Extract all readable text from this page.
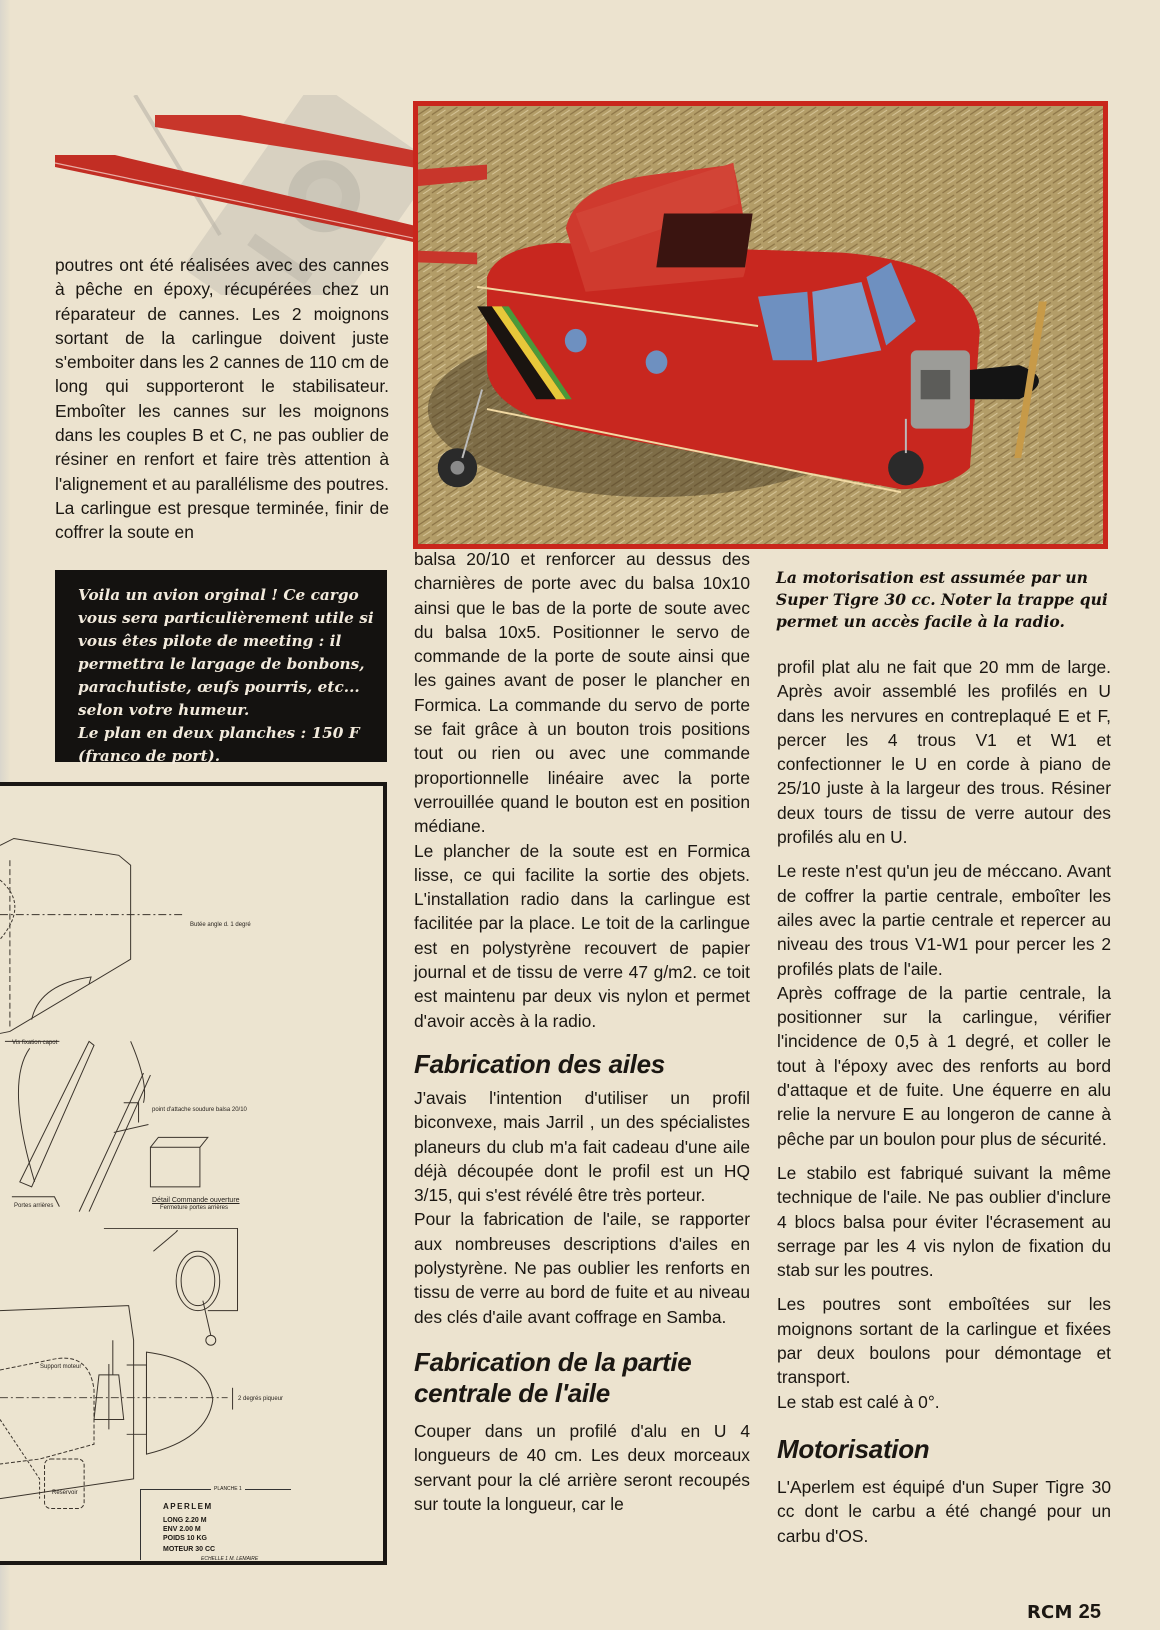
La motorisation est assumée par un Super Tigre 30 cc. Noter la trappe qui permet un accès facile à la radio.

poutres ont été réalisées avec des cannes à pêche en époxy, récupérées chez un réparateur de cannes. Les 2 moignons sortant de la carlingue doivent juste s'emboiter dans les 2 cannes de 110 cm de long qui supporteront le stabilisateur. Emboîter les cannes sur les moignons dans les couples B et C, ne pas oublier de résiner en renfort et faire très attention à l'alignement et au parallélisme des poutres. La carlingue est presque terminée, finir de coffrer la soute en

Voila un avion orginal ! Ce cargo vous sera particulièrement utile si vous êtes pilote de meeting : il permettra le largage de bonbons, parachutiste, œufs pourris, etc... selon votre humeur.

Le plan en deux planches : 150 F (franco de port).

Butée angle d. 1 degré
Vis fixation capot
point d'attache soudure balsa 20/10
Détail Commande ouverture
Fermeture portes arrières
Portes arrières
Support moteur
Réservoir
2 degrés piqueur
PLANCHE 1
APERLEM
LONG 2.20 M
ENV 2.00 M
POIDS 10 KG
MOTEUR 30 CC
ECHELLE 1 M. LEMAIRE

balsa 20/10 et renforcer au dessus des charnières de porte avec du balsa 10x10 ainsi que le bas de la porte de soute avec du balsa 10x5. Positionner le servo de commande de la porte de soute ainsi que les gaines avant de poser le plancher en Formica. La commande du servo de porte se fait grâce à un bouton trois positions tout ou rien ou avec une commande proportionnelle linéaire avec la porte verrouillée quand le bouton est en position médiane.

Le plancher de la soute est en Formica lisse, ce qui facilite la sortie des objets. L'installation radio dans la carlingue est facilitée par la place. Le toit de la carlingue est en polystyrène recouvert de papier journal et de tissu de verre 47 g/m2. ce toit est maintenu par deux vis nylon et permet d'avoir accès à la radio.

Fabrication des ailes

J'avais l'intention d'utiliser un profil biconvexe, mais Jarril , un des spécialistes planeurs du club m'a fait cadeau d'une aile déjà découpée dont le profil est un HQ 3/15, qui s'est révélé être très porteur.

Pour la fabrication de l'aile, se rapporter aux nombreuses descriptions d'ailes en polystyrène. Ne pas oublier les renforts en tissu de verre au bord de fuite et au niveau des clés d'aile avant coffrage en Samba.

Fabrication de la partie centrale de l'aile

Couper dans un profilé d'alu en U 4 longueurs de 40 cm. Les deux morceaux servant pour la clé arrière seront recoupés sur toute la longueur, car le

profil plat alu ne fait que 20 mm de large. Après avoir assemblé les profilés en U dans les nervures en contreplaqué E et F, percer les 4 trous V1 et W1 et confectionner le U en corde à piano de 25/10 juste à la largeur des trous. Résiner deux tours de tissu de verre autour des profilés alu en U.

Le reste n'est qu'un jeu de méccano. Avant de coffrer la partie centrale, emboîter les ailes avec la partie centrale et repercer au niveau des trous V1-W1 pour percer les 2 profilés plats de l'aile.

Après coffrage de la partie centrale, la positionner sur la carlingue, vérifier l'incidence de 0,5 à 1 degré, et coller le tout à l'époxy avec des renforts au bord d'attaque et de fuite. Une équerre en alu relie la nervure E au longeron de canne à pêche par un boulon pour plus de sécurité.

Le stabilo est fabriqué suivant la même technique de l'aile. Ne pas oublier d'inclure 4 blocs balsa pour éviter l'écrasement au serrage par les 4 vis nylon de fixation du stab sur les poutres.

Les poutres sont emboîtées sur les moignons sortant de la carlingue et fixées par deux boulons pour démontage et transport.

Le stab est calé à 0°.

Motorisation

L'Aperlem est équipé d'un Super Tigre 30 cc dont le carbu a été changé pour un carbu d'OS.

RCM 25
